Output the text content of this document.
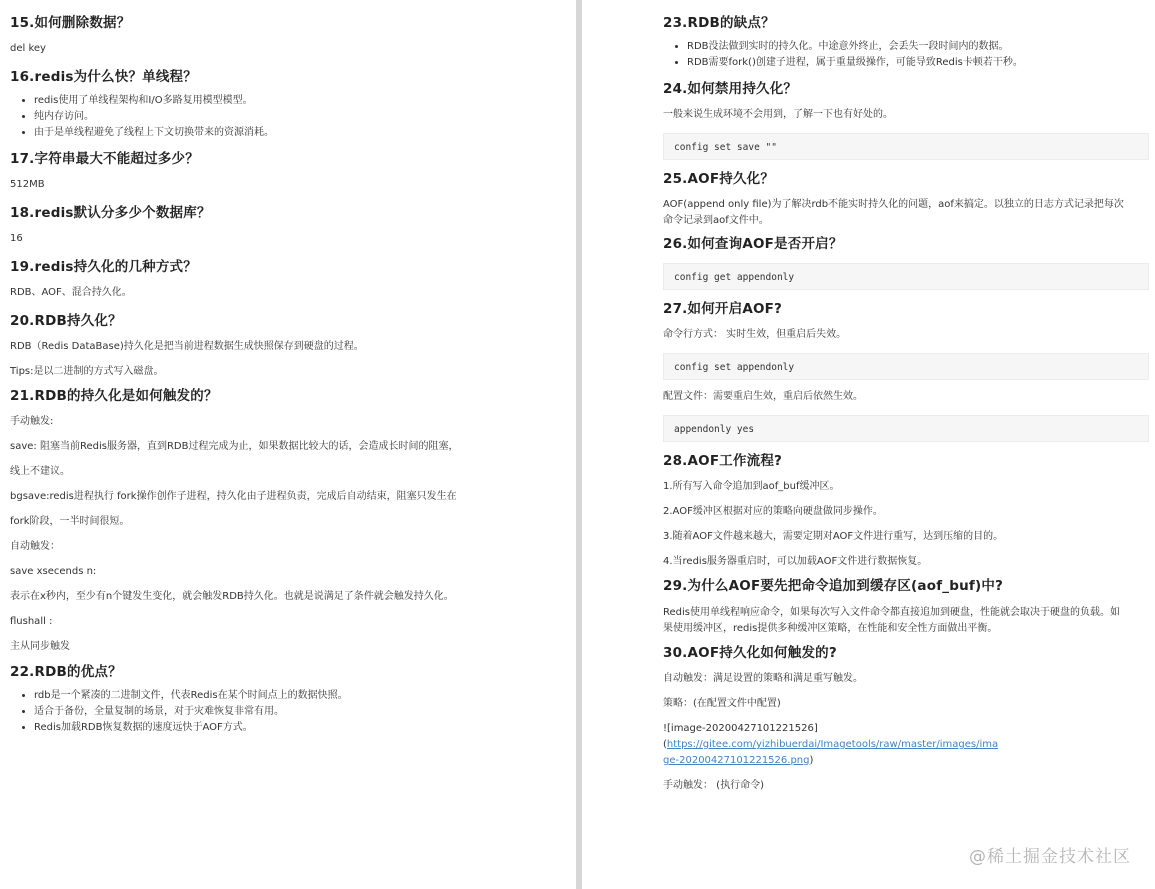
15.如何删除数据？

del key

16.redis为什么快？单线程？
• redis使用了单线程架构和I/O多路复用模型模型。
• 纯内存访问。
• 由于是单线程避免了线程上下文切换带来的资源消耗。
17.字符串最大不能超过多少？

512MB

18.redis默认分多少个数据库？

16

19.redis持久化的几种方式？

RDB、AOF、混合持久化。

20.RDB持久化？

RDB（Redis DataBase)持久化是把当前进程数据生成快照保存到硬盘的过程。

Tips:是以二进制的方式写入磁盘。

21.RDB的持久化是如何触发的？

手动触发:

save: 阻塞当前Redis服务器，直到RDB过程完成为止，如果数据比较大的话，会造成长时间的阻塞，

线上不建议。

bgsave:redis进程执行 fork操作创作子进程，持久化由子进程负责，完成后自动结束，阻塞只发生在

fork阶段，一半时间很短。

自动触发：

save xsecends n:

表示在x秒内，至少有n个键发生变化，就会触发RDB持久化。也就是说满足了条件就会触发持久化。

flushall :

主从同步触发

22.RDB的优点？
• rdb是一个紧凑的二进制文件，代表Redis在某个时间点上的数据快照。
• 适合于备份，全量复制的场景，对于灾难恢复非常有用。
• Redis加载RDB恢复数据的速度远快于AOF方式。
23.RDB的缺点？
• RDB没法做到实时的持久化。中途意外终止，会丢失一段时间内的数据。
• RDB需要fork()创建子进程，属于重量级操作，可能导致Redis卡顿若干秒。
24.如何禁用持久化？

一般来说生成环境不会用到，了解一下也有好处的。

config set save ""
25.AOF持久化？

AOF(append only file)为了解决rdb不能实时持久化的问题，aof来搞定。以独立的日志方式记录把每次

命令记录到aof文件中。

26.如何查询AOF是否开启？
config get appendonly
27.如何开启AOF?

命令行方式： 实时生效，但重启后失效。

config set appendonly

配置文件：需要重启生效，重启后依然生效。

appendonly yes
28.AOF工作流程?

1.所有写入命令追加到aof_buf缓冲区。

2.AOF缓冲区根据对应的策略向硬盘做同步操作。

3.随着AOF文件越来越大，需要定期对AOF文件进行重写，达到压缩的目的。

4.当redis服务器重启时，可以加载AOF文件进行数据恢复。

29.为什么AOF要先把命令追加到缓存区(aof_buf)中?

Redis使用单线程响应命令，如果每次写入文件命令都直接追加到硬盘，性能就会取决于硬盘的负载。如

果使用缓冲区，redis提供多种缓冲区策略，在性能和安全性方面做出平衡。

30.AOF持久化如何触发的?

自动触发：满足设置的策略和满足重写触发。

策略：(在配置文件中配置)

![image-20200427101221526](https://gitee.com/yizhibuerdai/Imagetools/raw/master/images/ima

ge-20200427101221526.png)

手动触发： (执行命令)

@稀土掘金技术社区
